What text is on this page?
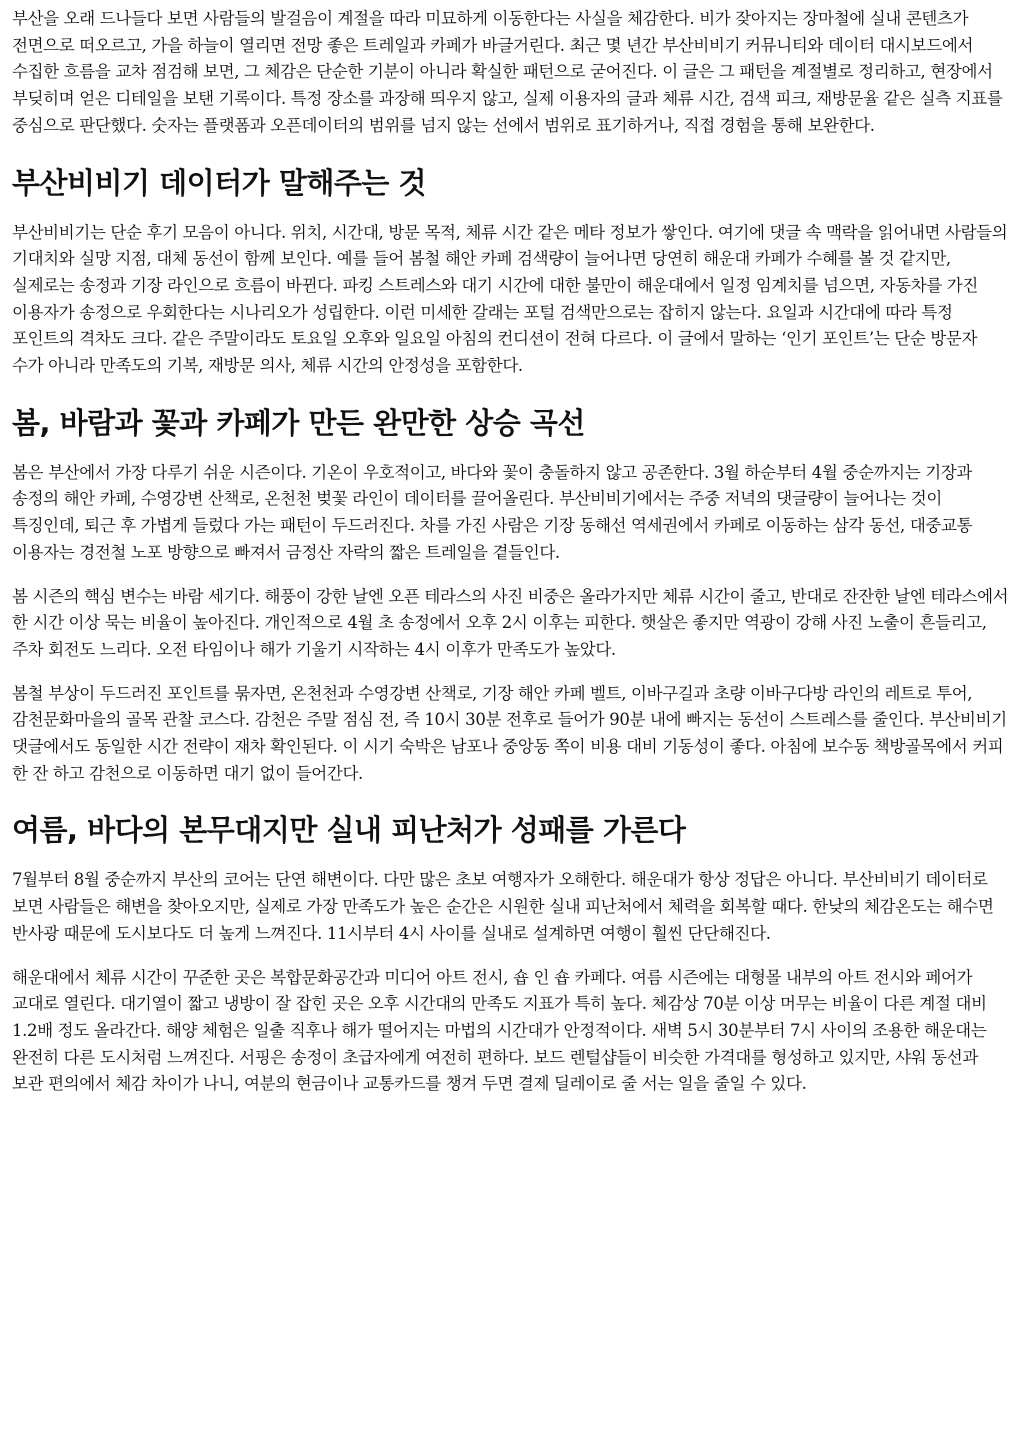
부산을 오래 드나들다 보면 사람들의 발걸음이 계절을 따라 미묘하게 이동한다는 사실을 체감한다. 비가 잦아지는 장마철에 실내 콘텐츠가 전면으로 떠오르고, 가을 하늘이 열리면 전망 좋은 트레일과 카페가 바글거린다. 최근 몇 년간 부산비비기 커뮤니티와 데이터 대시보드에서 수집한 흐름을 교차 점검해 보면, 그 체감은 단순한 기분이 아니라 확실한 패턴으로 굳어진다. 이 글은 그 패턴을 계절별로 정리하고, 현장에서 부딪히며 얻은 디테일을 보탠 기록이다. 특정 장소를 과장해 띄우지 않고, 실제 이용자의 글과 체류 시간, 검색 피크, 재방문율 같은 실측 지표를 중심으로 판단했다. 숫자는 플랫폼과 오픈데이터의 범위를 넘지 않는 선에서 범위로 표기하거나, 직접 경험을 통해 보완한다.

부산비비기 데이터가 말해주는 것

부산비비기는 단순 후기 모음이 아니다. 위치, 시간대, 방문 목적, 체류 시간 같은 메타 정보가 쌓인다. 여기에 댓글 속 맥락을 읽어내면 사람들의 기대치와 실망 지점, 대체 동선이 함께 보인다. 예를 들어 봄철 해안 카페 검색량이 늘어나면 당연히 해운대 카페가 수혜를 볼 것 같지만, 실제로는 송정과 기장 라인으로 흐름이 바뀐다. 파킹 스트레스와 대기 시간에 대한 불만이 해운대에서 일정 임계치를 넘으면, 자동차를 가진 이용자가 송정으로 우회한다는 시나리오가 성립한다. 이런 미세한 갈래는 포털 검색만으로는 잡히지 않는다. 요일과 시간대에 따라 특정 포인트의 격차도 크다. 같은 주말이라도 토요일 오후와 일요일 아침의 컨디션이 전혀 다르다. 이 글에서 말하는 ‘인기 포인트’는 단순 방문자 수가 아니라 만족도의 기복, 재방문 의사, 체류 시간의 안정성을 포함한다.

봄, 바람과 꽃과 카페가 만든 완만한 상승 곡선

봄은 부산에서 가장 다루기 쉬운 시즌이다. 기온이 우호적이고, 바다와 꽃이 충돌하지 않고 공존한다. 3월 하순부터 4월 중순까지는 기장과 송정의 해안 카페, 수영강변 산책로, 온천천 벚꽃 라인이 데이터를 끌어올린다. 부산비비기에서는 주중 저녁의 댓글량이 늘어나는 것이 특징인데, 퇴근 후 가볍게 들렀다 가는 패턴이 두드러진다. 차를 가진 사람은 기장 동해선 역세권에서 카페로 이동하는 삼각 동선, 대중교통 이용자는 경전철 노포 방향으로 빠져서 금정산 자락의 짧은 트레일을 곁들인다.

봄 시즌의 핵심 변수는 바람 세기다. 해풍이 강한 날엔 오픈 테라스의 사진 비중은 올라가지만 체류 시간이 줄고, 반대로 잔잔한 날엔 테라스에서 한 시간 이상 묵는 비율이 높아진다. 개인적으로 4월 초 송정에서 오후 2시 이후는 피한다. 햇살은 좋지만 역광이 강해 사진 노출이 흔들리고, 주차 회전도 느리다. 오전 타임이나 해가 기울기 시작하는 4시 이후가 만족도가 높았다.

봄철 부상이 두드러진 포인트를 묶자면, 온천천과 수영강변 산책로, 기장 해안 카페 벨트, 이바구길과 초량 이바구다방 라인의 레트로 투어, 감천문화마을의 골목 관찰 코스다. 감천은 주말 점심 전, 즉 10시 30분 전후로 들어가 90분 내에 빠지는 동선이 스트레스를 줄인다. 부산비비기 댓글에서도 동일한 시간 전략이 재차 확인된다. 이 시기 숙박은 남포나 중앙동 쪽이 비용 대비 기동성이 좋다. 아침에 보수동 책방골목에서 커피 한 잔 하고 감천으로 이동하면 대기 없이 들어간다.

여름, 바다의 본무대지만 실내 피난처가 성패를 가른다

7월부터 8월 중순까지 부산의 코어는 단연 해변이다. 다만 많은 초보 여행자가 오해한다. 해운대가 항상 정답은 아니다. 부산비비기 데이터로 보면 사람들은 해변을 찾아오지만, 실제로 가장 만족도가 높은 순간은 시원한 실내 피난처에서 체력을 회복할 때다. 한낮의 체감온도는 해수면 반사광 때문에 도시보다도 더 높게 느껴진다. 11시부터 4시 사이를 실내로 설계하면 여행이 훨씬 단단해진다.

해운대에서 체류 시간이 꾸준한 곳은 복합문화공간과 미디어 아트 전시, 숍 인 숍 카페다. 여름 시즌에는 대형몰 내부의 아트 전시와 페어가 교대로 열린다. 대기열이 짧고 냉방이 잘 잡힌 곳은 오후 시간대의 만족도 지표가 특히 높다. 체감상 70분 이상 머무는 비율이 다른 계절 대비 1.2배 정도 올라간다. 해양 체험은 일출 직후나 해가 떨어지는 마법의 시간대가 안정적이다. 새벽 5시 30분부터 7시 사이의 조용한 해운대는 완전히 다른 도시처럼 느껴진다. 서핑은 송정이 초급자에게 여전히 편하다. 보드 렌털샵들이 비슷한 가격대를 형성하고 있지만, 샤워 동선과 보관 편의에서 체감 차이가 나니, 여분의 현금이나 교통카드를 챙겨 두면 결제 딜레이로 줄 서는 일을 줄일 수 있다.
